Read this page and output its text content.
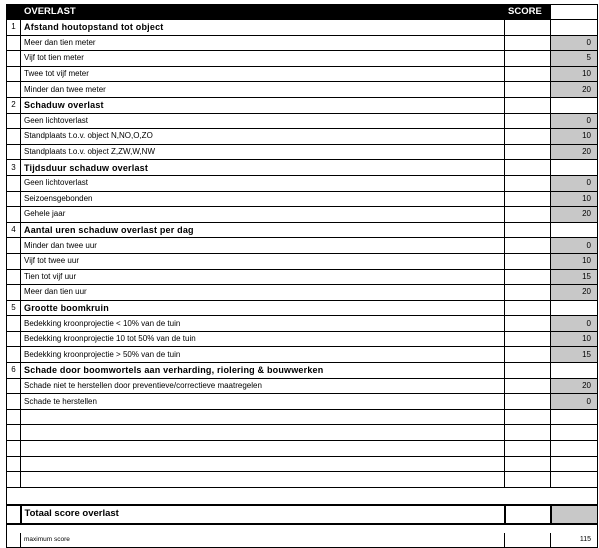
	OVERLAST	SCORE	
1	Afstand houtopstand tot object		
	Meer dan tien meter		0
	Vijf tot tien meter		5
	Twee tot vijf meter		10
	Minder dan twee meter		20
2	Schaduw overlast		
	Geen lichtoverlast		0
	Standplaats t.o.v. object N,NO,O,ZO		10
	Standplaats t.o.v. object Z,ZW,W,NW		20
3	Tijdsduur schaduw overlast		
	Geen lichtoverlast		0
	Seizoensgebonden		10
	Gehele jaar		20
4	Aantal uren schaduw overlast per dag		
	Minder dan twee uur		0
	Vijf tot twee uur		10
	Tien tot vijf uur		15
	Meer dan tien uur		20
5	Grootte boomkruin		
	Bedekking kroonprojectie < 10% van de tuin		0
	Bedekking kroonprojectie 10 tot 50% van de tuin		10
	Bedekking kroonprojectie > 50% van de tuin		15
6	Schade door boomwortels aan verharding, riolering & bouwwerken		
	Schade niet te herstellen door preventieve/correctieve maatregelen		20
	Schade te herstellen		0

	Totaal score overlast		

	maximum score		115
